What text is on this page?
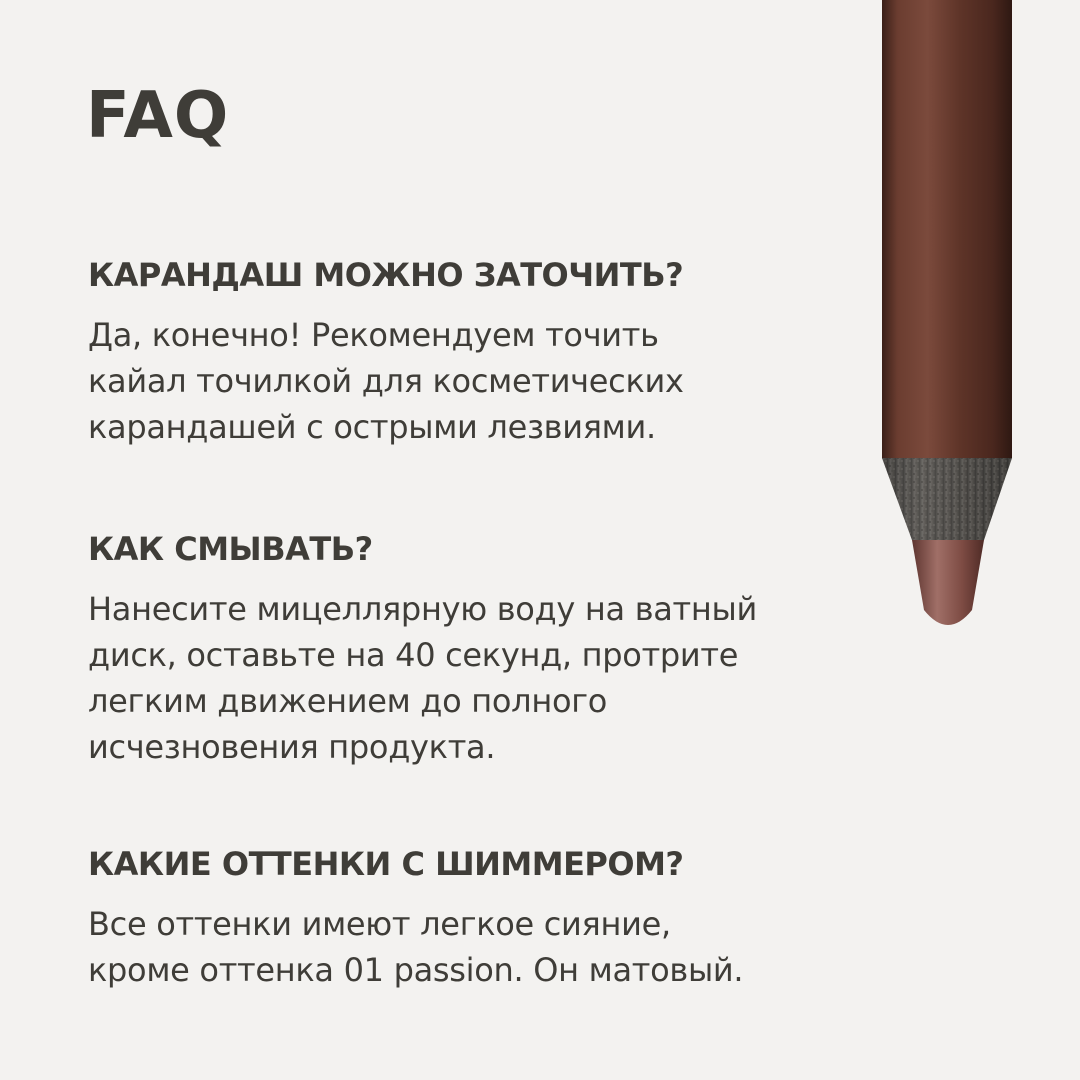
FAQ
КАРАНДАШ МОЖНО ЗАТОЧИТЬ?

Да, конечно! Рекомендуем точить
кайал точилкой для косметических
карандашей с острыми лезвиями.

КАК СМЫВАТЬ?

Нанесите мицеллярную воду на ватный
диск, оставьте на 40 секунд, протрите
легким движением до полного
исчезновения продукта.

КАКИЕ ОТТЕНКИ С ШИММЕРОМ?

Все оттенки имеют легкое сияние,
кроме оттенка 01 passion. Он матовый.
